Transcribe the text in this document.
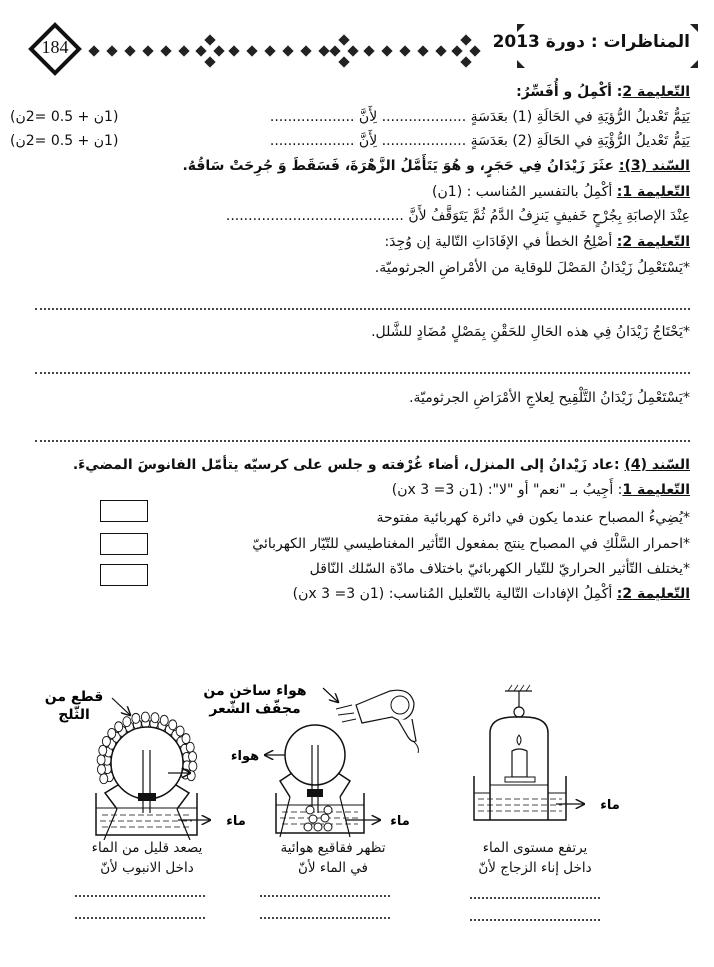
184	المناظرات : دورة 2013
التّعليمة 2: أكْمِلُ و أُفَسِّرُ:
يَتِمُّ تَعْديلُ الرُّؤيَةِ في الحَالَةِ (1) بعَدَسَةٍ ................... لِأَنَّ ...................
(1ن + 0.5 =2ن)
يَتِمُّ تَعْديلُ الرُّؤْيَةِ في الحَالَةِ (2) بعَدَسَةٍ ................... لِأَنَّ ...................
(1ن + 0.5 =2ن)
السّند (3): عثَرَ زَيْدَانُ فِي حَجَرٍ، و هُوَ يَتَأَمَّلُ الزَّهْرَةَ، فَسَقَطَ وَ جُرِحَتْ سَاقُهُ.
التّعليمة 1: أكْمِلُ بالتفسير المُناسب : (1ن)
عِنْدَ الإصابَةِ بِجُرْحٍ خَفيفٍ يَنزِفُ الدَّمُ ثُمَّ يَتَوَقَّفُ لأَنَّ ........................................
التّعليمة 2: أصْلِحُ الخطأ في الإفَادَاتِ التّالية إن وُجِدَ:
*يَسْتَعْمِلُ زَيْدَانُ المَصْلَ للوقاية من الأمْراضِ الجرثوميّة.
*يَحْتَاجُ زَيْدَانُ فِي هذه الحَالِ للحَقْنِ بِمَصْلٍ مُضَادٍ للشَّلل.
*يَسْتَعْمِلُ زَيْدَانُ التَّلْقِيح لِعلاجِ الأمْرَاضِ الجرثوميّة.
السّند (4) :عاد زَيْدانُ إلى المنزل، أضاء غُرْفته و جلس على كرسيّه يتأمّل الفانوسَ المضيءَ.
التّعليمة 1: أَجِيبُ بـ "نعم" أو "لا": (1ن x 3 =3ن)
*يُضِيءُ المصباح عندما يكون في دائرة كهربائية مفتوحة
*احمرار السَّلْكِ في المصباح ينتج بمفعول التّأثير المغناطيسي للتّيّار الكهربائيّ
*يختلف التّأثير الحراريّ للتّيار الكهربائيّ باختلاف مادّة السّلك النّاقل
التّعليمة 2: أكْمِلُ الإفادات التّالية بالتّعليل المُناسب: (1ن x 3 =3ن)
قطع من
الثّلج
ماء
هواء ساخن من
مجفّف الشّعر
هواء
ماء
ماء
يصعد قليل من الماء
داخل الانبوب لأنّ
تظهر فقاقيع هوائية
في الماء لأنّ
يرتفع مستوى الماء
داخل إناء الزجاج لأنّ
